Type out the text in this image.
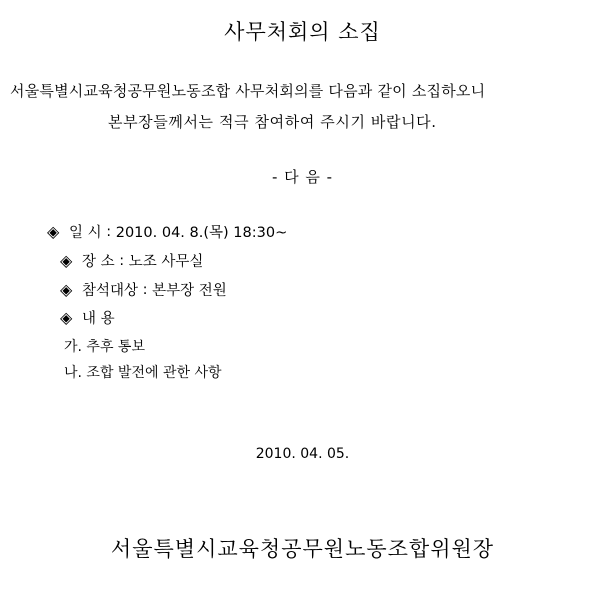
사무처회의 소집
서울특별시교육청공무원노동조합 사무처회의를 다음과 같이 소집하오니
본부장들께서는 적극 참여하여 주시기 바랍니다.
- 다 음 -
◈ 일 시 : 2010. 04. 8.(목) 18:30~
◈ 장 소 : 노조 사무실
◈ 참석대상 : 본부장 전원
◈ 내 용
가. 추후 통보
나. 조합 발전에 관한 사항
2010. 04. 05.
서울특별시교육청공무원노동조합위원장
